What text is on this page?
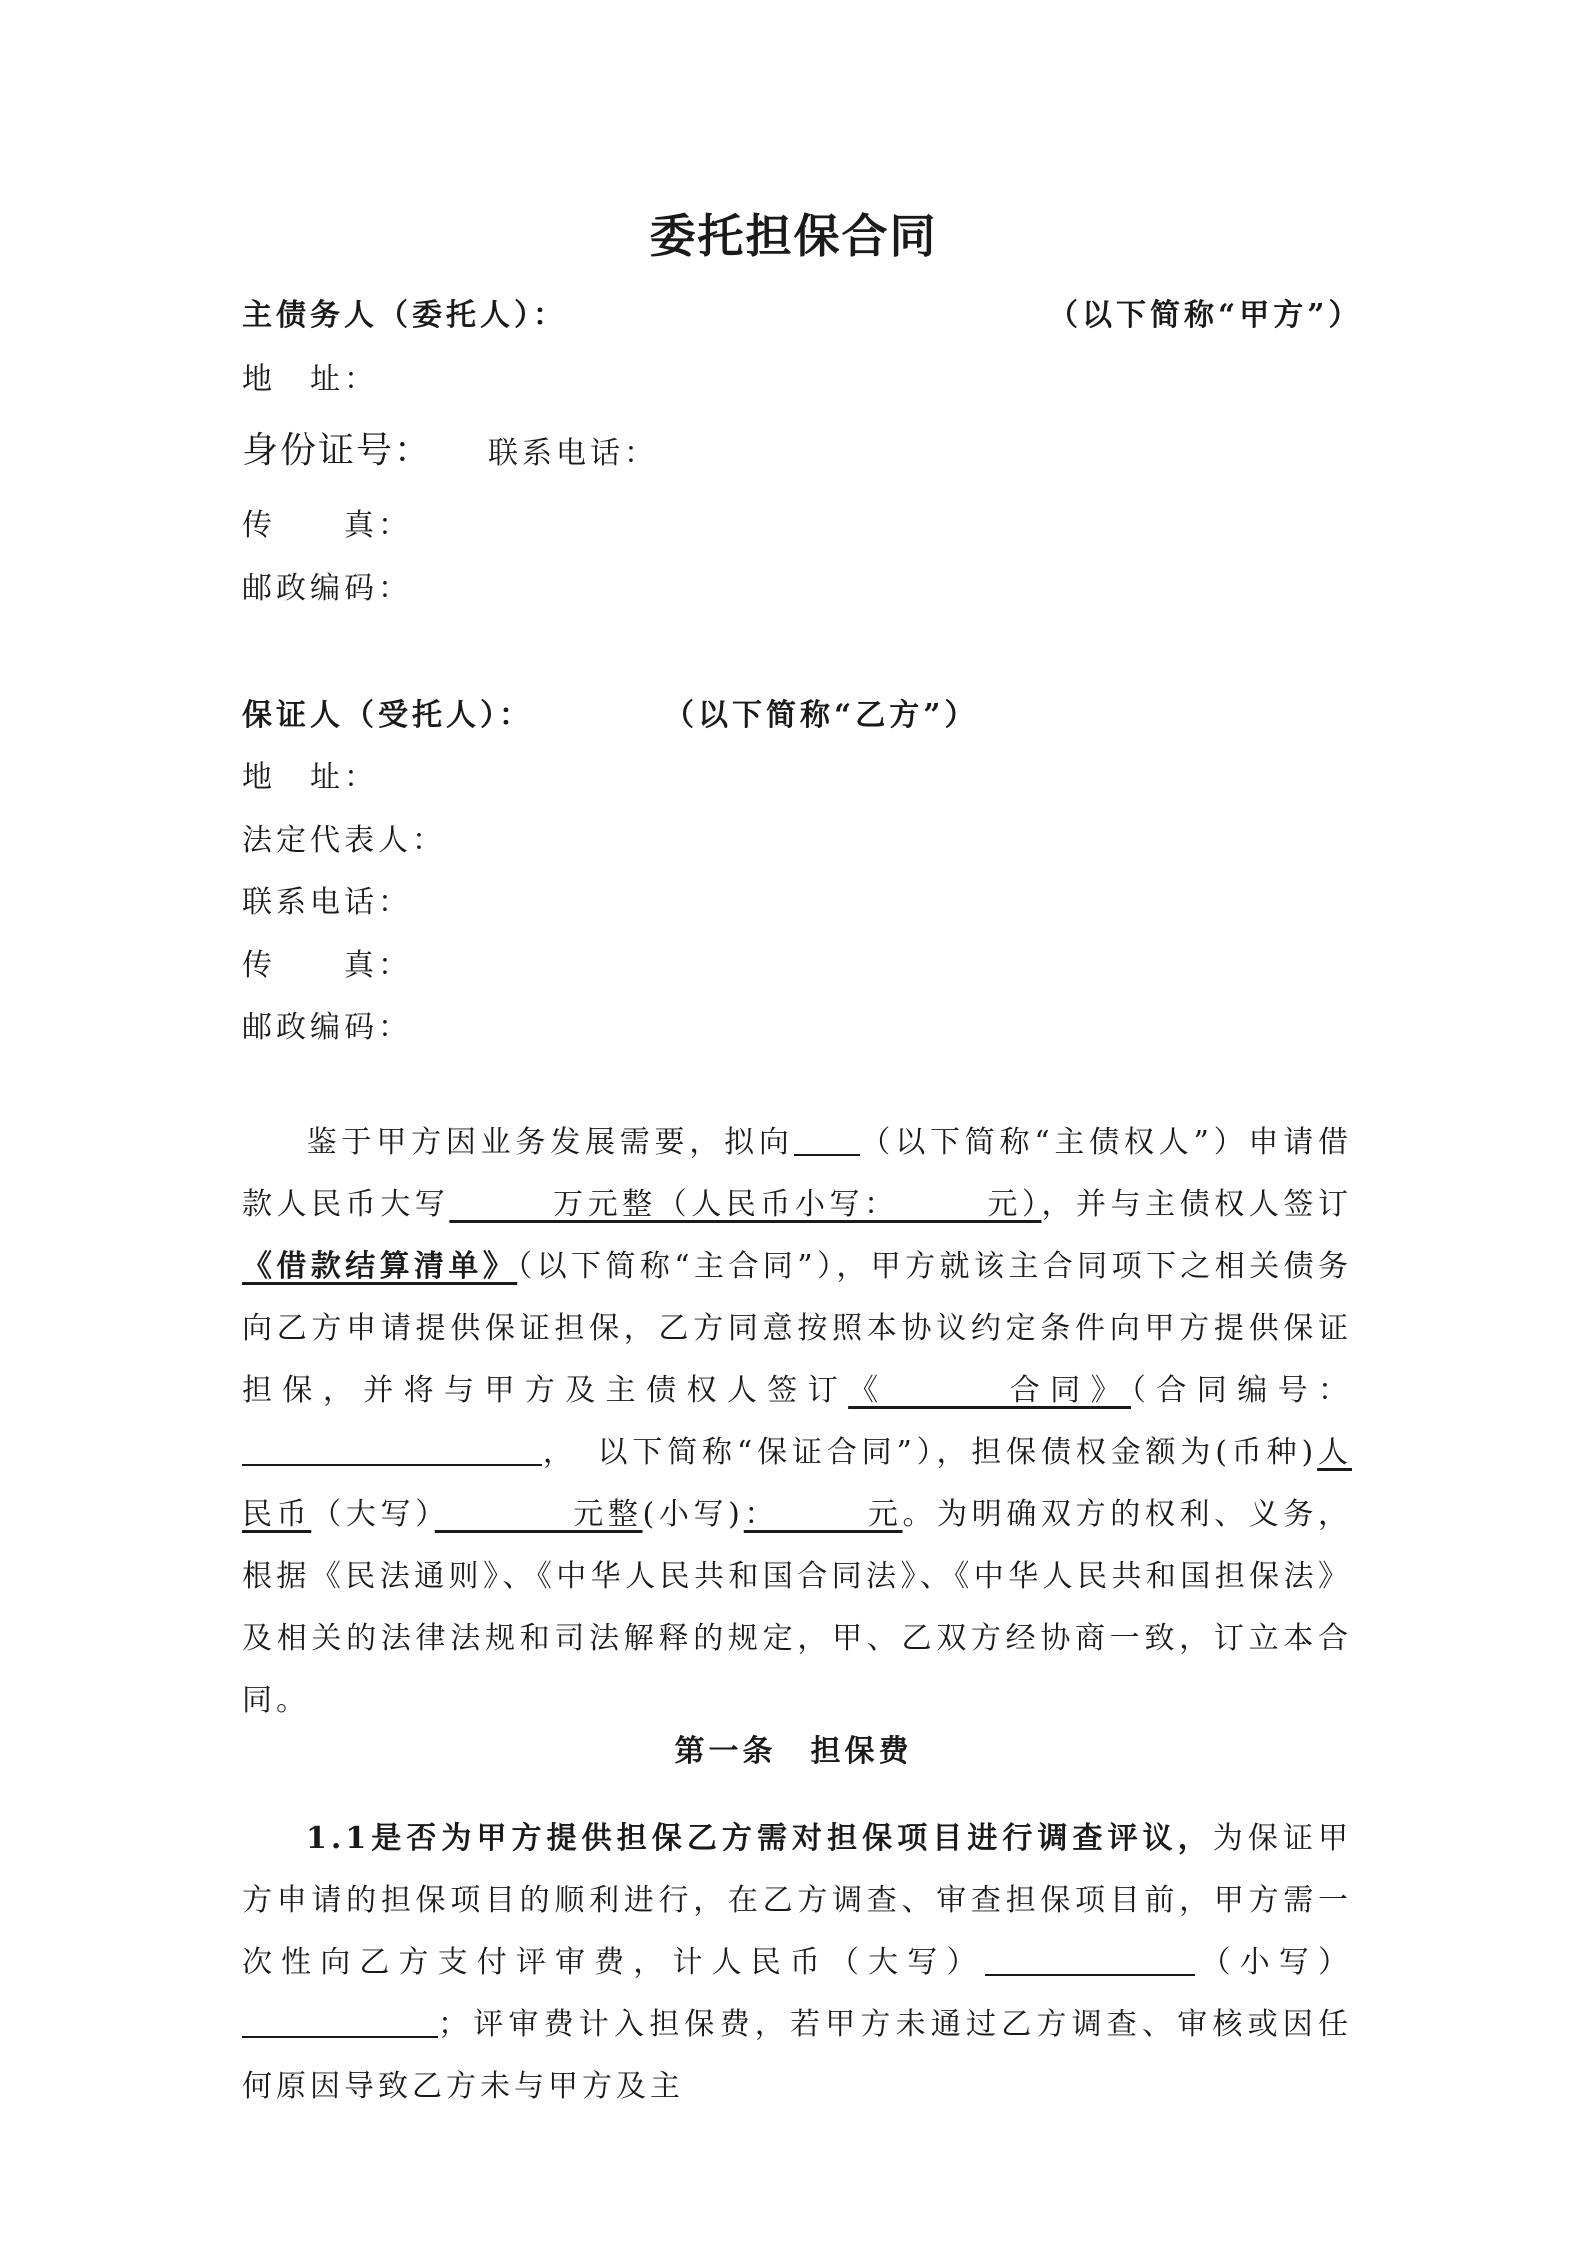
委托担保合同
主债务人（委托人）：	（以下简称“甲方”）
地　址：
身份证号： 联系电话：
传　　真：
邮政编码：
保证人（受托人）：	（以下简称“乙方”）
地　址：
法定代表人：
联系电话：
传　　真：
邮政编码：
鉴于甲方因业务发展需要，拟向 （以下简称“主债权人”）申请借款人民币大写　　　万元整（人民币小写：　　　元），并与主债权人签订《借款结算清单》（以下简称“主合同”），甲方就该主合同项下之相关债务向乙方申请提供保证担保，乙方同意按照本协议约定条件向甲方提供保证担保，并将与甲方及主债权人签订《　　　合同》（合同编号：，　以下简称“保证合同”），担保债权金额为(币种)人民币（大写）　　　　元整(小写)：　　　元。为明确双方的权利、义务，根据《民法通则》、《中华人民共和国合同法》、《中华人民共和国担保法》及相关的法律法规和司法解释的规定，甲、乙双方经协商一致，订立本合同。
第一条　担保费
1.1是否为甲方提供担保乙方需对担保项目进行调查评议，为保证甲方申请的担保项目的顺利进行，在乙方调查、审查担保项目前，甲方需一次性向乙方支付评审费，计人民币（大写）	（小写）；评审费计入担保费，若甲方未通过乙方调查、审核或因任何原因导致乙方未与甲方及主
